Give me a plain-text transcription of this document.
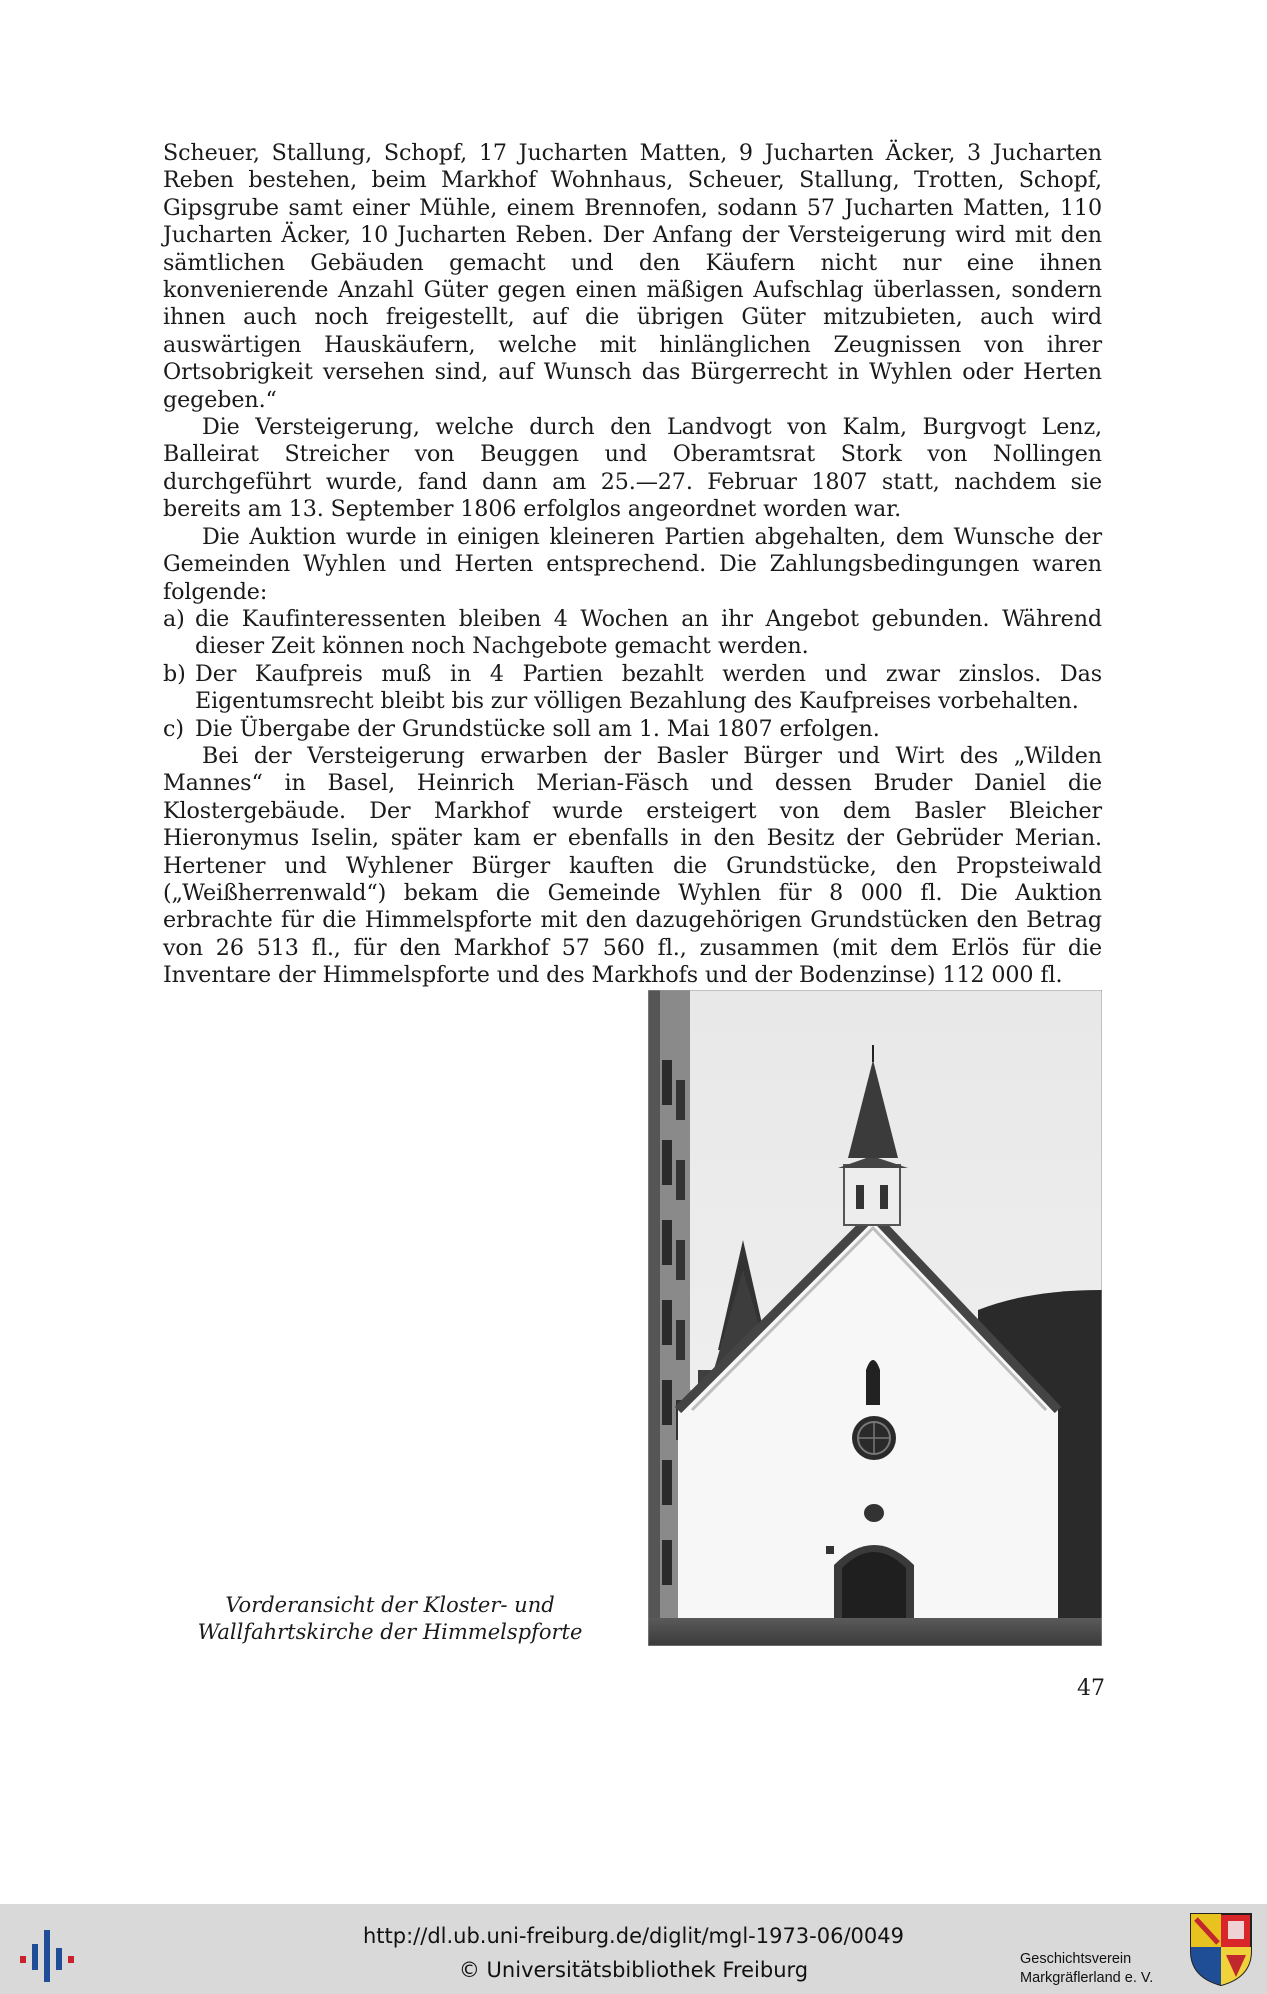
Scheuer, Stallung, Schopf, 17 Jucharten Matten, 9 Jucharten Äcker, 3 Jucharten Reben bestehen, beim Markhof Wohnhaus, Scheuer, Stallung, Trotten, Schopf, Gipsgrube samt einer Mühle, einem Brennofen, sodann 57 Jucharten Matten, 110 Jucharten Äcker, 10 Jucharten Reben. Der Anfang der Versteigerung wird mit den sämtlichen Gebäuden gemacht und den Käufern nicht nur eine ihnen konvenierende Anzahl Güter gegen einen mäßigen Aufschlag überlassen, sondern ihnen auch noch freigestellt, auf die übrigen Güter mitzubieten, auch wird auswärtigen Hauskäufern, welche mit hinlänglichen Zeugnissen von ihrer Ortsobrigkeit versehen sind, auf Wunsch das Bürgerrecht in Wyhlen oder Herten gegeben.“

Die Versteigerung, welche durch den Landvogt von Kalm, Burgvogt Lenz, Balleirat Streicher von Beuggen und Oberamtsrat Stork von Nollingen durchgeführt wurde, fand dann am 25.—27. Februar 1807 statt, nachdem sie bereits am 13. September 1806 erfolglos angeordnet worden war.

Die Auktion wurde in einigen kleineren Partien abgehalten, dem Wunsche der Gemeinden Wyhlen und Herten entsprechend. Die Zahlungsbedingungen waren folgende:

a) die Kaufinteressenten bleiben 4 Wochen an ihr Angebot gebunden. Während dieser Zeit können noch Nachgebote gemacht werden.

b) Der Kaufpreis muß in 4 Partien bezahlt werden und zwar zinslos. Das Eigentumsrecht bleibt bis zur völligen Bezahlung des Kaufpreises vorbehalten.

c) Die Übergabe der Grundstücke soll am 1. Mai 1807 erfolgen.

Bei der Versteigerung erwarben der Basler Bürger und Wirt des „Wilden Mannes“ in Basel, Heinrich Merian-Fäsch und dessen Bruder Daniel die Klostergebäude. Der Markhof wurde ersteigert von dem Basler Bleicher Hieronymus Iselin, später kam er ebenfalls in den Besitz der Gebrüder Merian. Hertener und Wyhlener Bürger kauften die Grundstücke, den Propsteiwald („Weißherrenwald“) bekam die Gemeinde Wyhlen für 8 000 fl. Die Auktion erbrachte für die Himmelspforte mit den dazugehörigen Grundstücken den Betrag von 26 513 fl., für den Markhof 57 560 fl., zusammen (mit dem Erlös für die Inventare der Himmelspforte und des Markhofs und der Bodenzinse) 112 000 fl.

Vorderansicht der Kloster- und
Wallfahrtskirche der Himmelspforte
47
http://dl.ub.uni-freiburg.de/diglit/mgl-1973-06/0049
© Universitätsbibliothek Freiburg	Geschichtsverein
Markgräflerland e. V.
